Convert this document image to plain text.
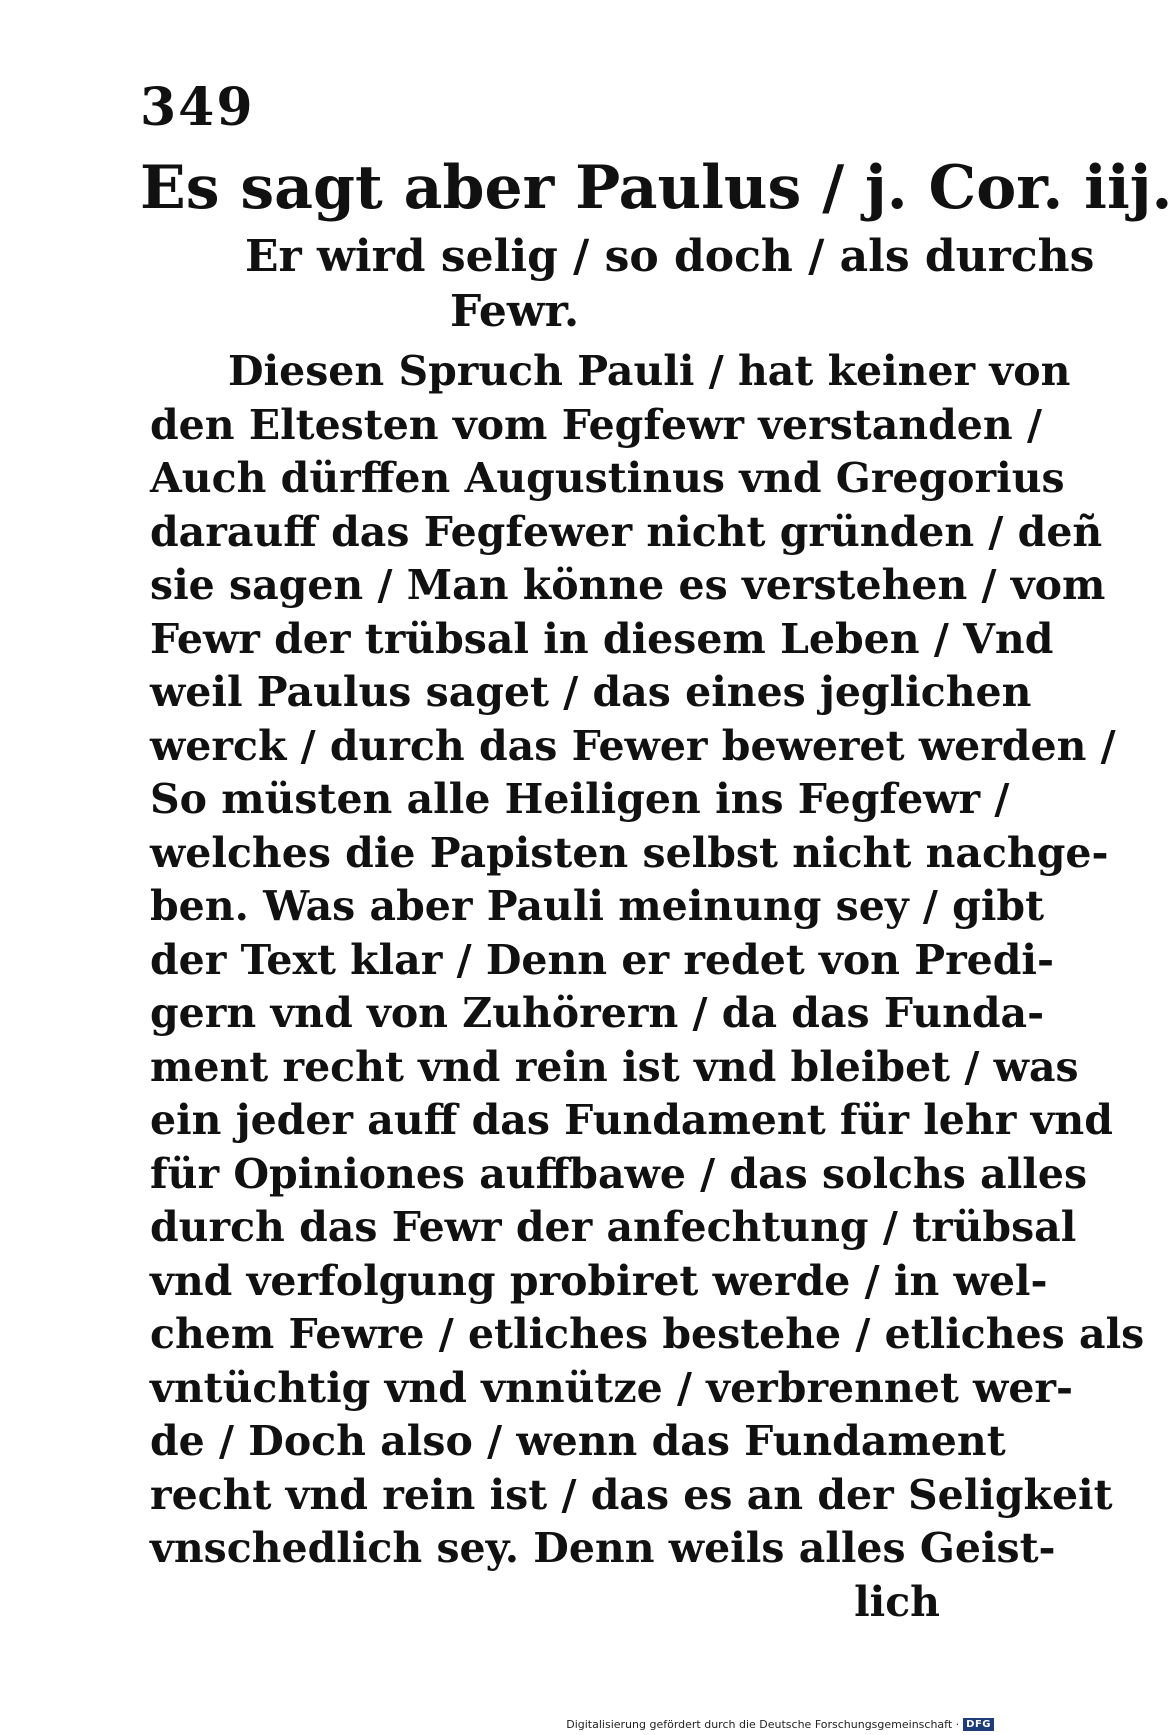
349
Es sagt aber Paulus / j. Cor. iij.
Er wird selig / so doch / als durchs
Fewr.
Diesen Spruch Pauli / hat keiner von
den Eltesten vom Fegfewr verstanden /
Auch dürffen Augustinus vnd Gregorius
darauff das Fegfewer nicht gründen / deñ
sie sagen / Man könne es verstehen / vom
Fewr der trübsal in diesem Leben / Vnd
weil Paulus saget / das eines jeglichen
werck / durch das Fewer beweret werden /
So müsten alle Heiligen ins Fegfewr /
welches die Papisten selbst nicht nachge-
ben. Was aber Pauli meinung sey / gibt
der Text klar / Denn er redet von Predi-
gern vnd von Zuhörern / da das Funda-
ment recht vnd rein ist vnd bleibet / was
ein jeder auff das Fundament für lehr vnd
für Opiniones auffbawe / das solchs alles
durch das Fewr der anfechtung / trübsal
vnd verfolgung probiret werde / in wel-
chem Fewre / etliches bestehe / etliches als
vntüchtig vnd vnnütze / verbrennet wer-
de / Doch also / wenn das Fundament
recht vnd rein ist / das es an der Seligkeit
vnschedlich sey. Denn weils alles Geist-
lich
Digitalisierung gefördert durch die Deutsche Forschungsgemeinschaft · DFG
